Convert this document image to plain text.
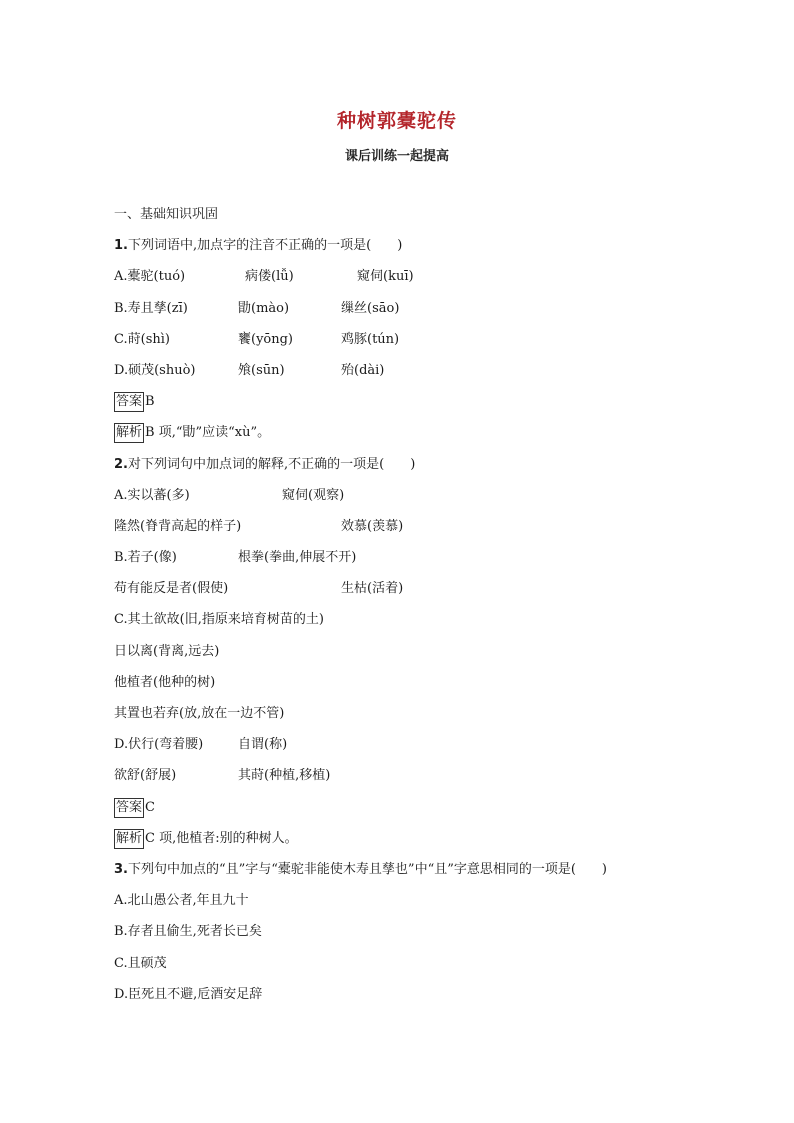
种树郭橐驼传
课后训练一起提高
一、基础知识巩固
1.下列词语中,加点字的注音不正确的一项是(　　)
A.橐驼(tuó)	病偻(lǚ)	窥伺(kuī)
B.寿且孳(zī)	勖(mào)	缫丝(sāo)
C.莳(shì)	饔(yōng)	鸡豚(tún)
D.硕茂(shuò)	飧(sūn)	殆(dài)
答案 B
解析 B 项,“勖”应读“xù”。
2.对下列词句中加点词的解释,不正确的一项是(　　)
A.实以蕃(多)	窥伺(观察)
隆然(脊背高起的样子)	效慕(羡慕)
B.若子(像)	根拳(拳曲,伸展不开)
苟有能反是者(假使)	生枯(活着)
C.其土欲故(旧,指原来培育树苗的土)
日以离(背离,远去)
他植者(他种的树)
其置也若弃(放,放在一边不管)
D.伏行(弯着腰)	自谓(称)
欲舒(舒展)	其莳(种植,移植)
答案 C
解析 C 项,他植者:别的种树人。
3.下列句中加点的“且”字与“橐驼非能使木寿且孳也”中“且”字意思相同的一项是(　　)
A.北山愚公者,年且九十
B.存者且偷生,死者长已矣
C.且硕茂
D.臣死且不避,卮酒安足辞
